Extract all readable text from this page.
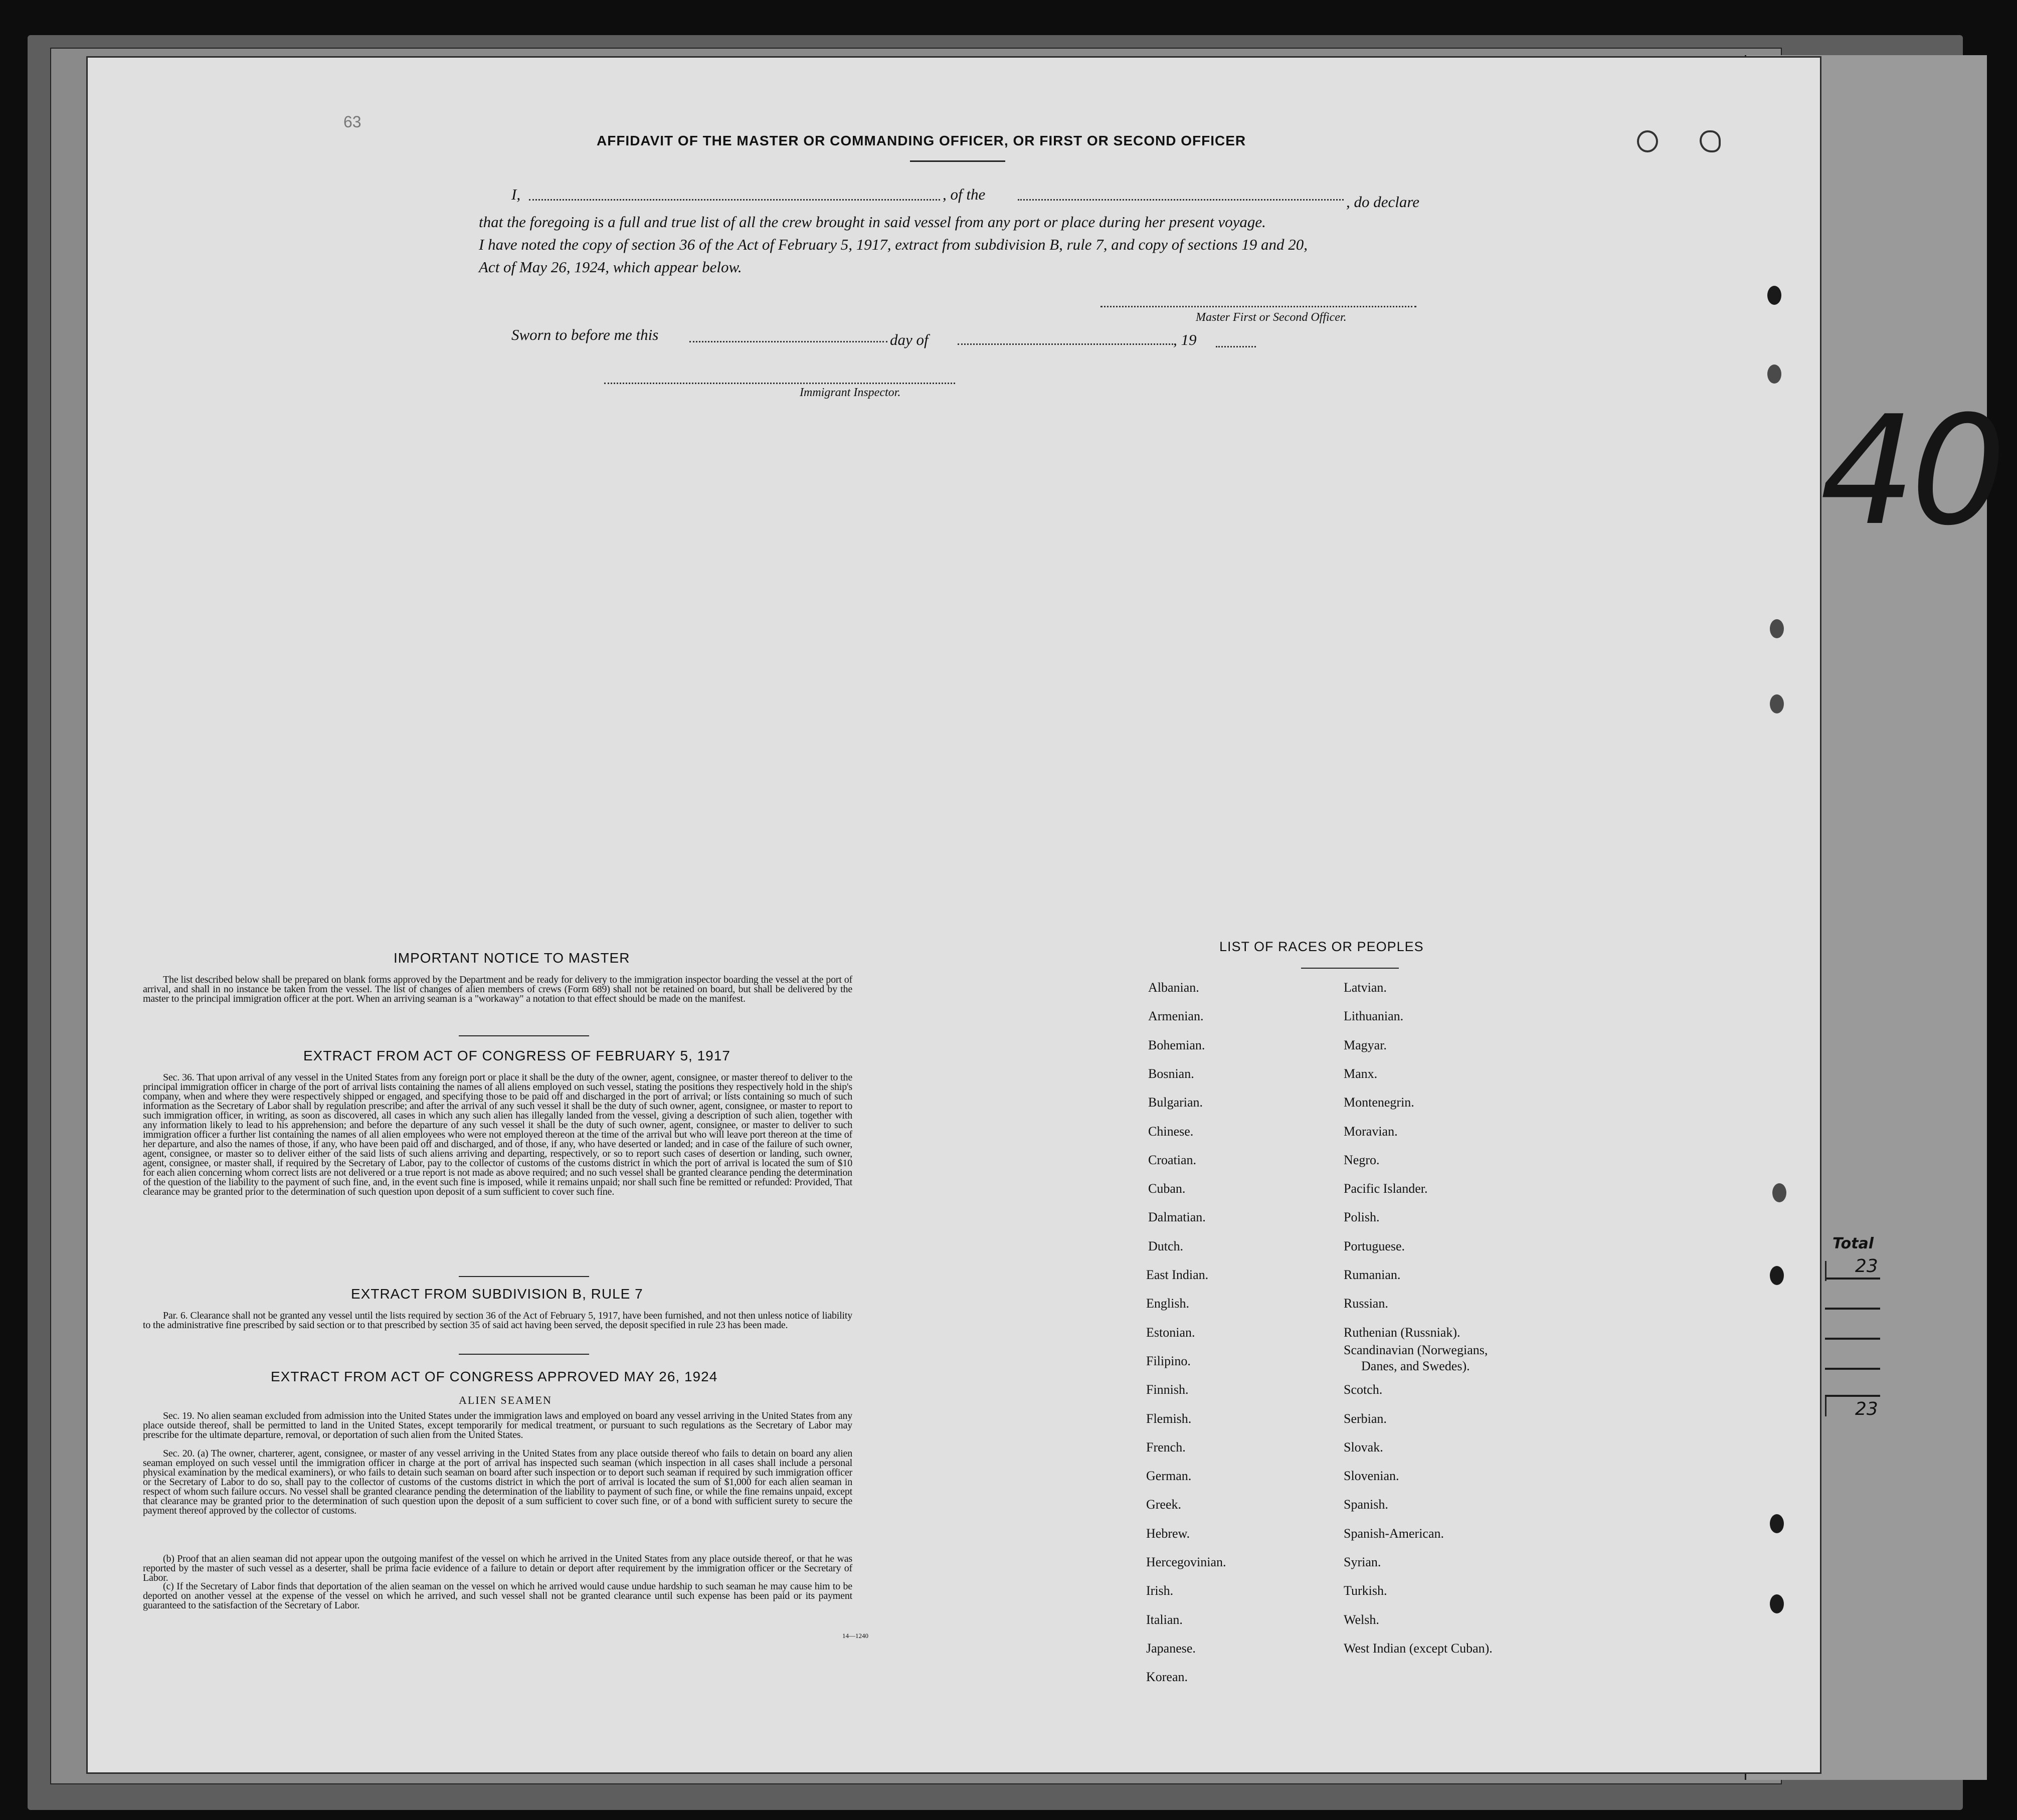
40
Total
23
23
63
AFFIDAVIT OF THE MASTER OR COMMANDING OFFICER, OR FIRST OR SECOND OFFICER
I,	, of the	, do declare
that the foregoing is a full and true list of all the crew brought in said vessel from any port or place during her present voyage.
I have noted the copy of section 36 of the Act of February 5, 1917, extract from subdivision B, rule 7, and copy of sections 19 and 20,
Act of May 26, 1924, which appear below.
Master First or Second Officer.
Sworn to before me this	day of	, 19
Immigrant Inspector.
IMPORTANT NOTICE TO MASTER
The list described below shall be prepared on blank forms approved by the Department and be ready for delivery to the immigration inspector boarding the vessel at the port of arrival, and shall in no instance be taken from the vessel. The list of changes of alien members of crews (Form 689) shall not be retained on board, but shall be delivered by the master to the principal immigration officer at the port. When an arriving seaman is a "workaway" a notation to that effect should be made on the manifest.
EXTRACT FROM ACT OF CONGRESS OF FEBRUARY 5, 1917
Sec. 36. That upon arrival of any vessel in the United States from any foreign port or place it shall be the duty of the owner, agent, consignee, or master thereof to deliver to the principal immigration officer in charge of the port of arrival lists containing the names of all aliens employed on such vessel, stating the positions they respectively hold in the ship's company, when and where they were respectively shipped or engaged, and specifying those to be paid off and discharged in the port of arrival; or lists containing so much of such information as the Secretary of Labor shall by regulation prescribe; and after the arrival of any such vessel it shall be the duty of such owner, agent, consignee, or master to report to such immigration officer, in writing, as soon as discovered, all cases in which any such alien has illegally landed from the vessel, giving a description of such alien, together with any information likely to lead to his apprehension; and before the departure of any such vessel it shall be the duty of such owner, agent, consignee, or master to deliver to such immigration officer a further list containing the names of all alien employees who were not employed thereon at the time of the arrival but who will leave port thereon at the time of her departure, and also the names of those, if any, who have been paid off and discharged, and of those, if any, who have deserted or landed; and in case of the failure of such owner, agent, consignee, or master so to deliver either of the said lists of such aliens arriving and departing, respectively, or so to report such cases of desertion or landing, such owner, agent, consignee, or master shall, if required by the Secretary of Labor, pay to the collector of customs of the customs district in which the port of arrival is located the sum of $10 for each alien concerning whom correct lists are not delivered or a true report is not made as above required; and no such vessel shall be granted clearance pending the determination of the question of the liability to the payment of such fine, and, in the event such fine is imposed, while it remains unpaid; nor shall such fine be remitted or refunded: Provided, That clearance may be granted prior to the determination of such question upon deposit of a sum sufficient to cover such fine.
EXTRACT FROM SUBDIVISION B, RULE 7
Par. 6. Clearance shall not be granted any vessel until the lists required by section 36 of the Act of February 5, 1917, have been furnished, and not then unless notice of liability to the administrative fine prescribed by said section or to that prescribed by section 35 of said act having been served, the deposit specified in rule 23 has been made.
EXTRACT FROM ACT OF CONGRESS APPROVED MAY 26, 1924
ALIEN SEAMEN
Sec. 19. No alien seaman excluded from admission into the United States under the immigration laws and employed on board any vessel arriving in the United States from any place outside thereof, shall be permitted to land in the United States, except temporarily for medical treatment, or pursuant to such regulations as the Secretary of Labor may prescribe for the ultimate departure, removal, or deportation of such alien from the United States.
Sec. 20. (a) The owner, charterer, agent, consignee, or master of any vessel arriving in the United States from any place outside thereof who fails to detain on board any alien seaman employed on such vessel until the immigration officer in charge at the port of arrival has inspected such seaman (which inspection in all cases shall include a personal physical examination by the medical examiners), or who fails to detain such seaman on board after such inspection or to deport such seaman if required by such immigration officer or the Secretary of Labor to do so, shall pay to the collector of customs of the customs district in which the port of arrival is located the sum of $1,000 for each alien seaman in respect of whom such failure occurs. No vessel shall be granted clearance pending the determination of the liability to payment of such fine, or while the fine remains unpaid, except that clearance may be granted prior to the determination of such question upon the deposit of a sum sufficient to cover such fine, or of a bond with sufficient surety to secure the payment thereof approved by the collector of customs.
(b) Proof that an alien seaman did not appear upon the outgoing manifest of the vessel on which he arrived in the United States from any place outside thereof, or that he was reported by the master of such vessel as a deserter, shall be prima facie evidence of a failure to detain or deport after requirement by the immigration officer or the Secretary of Labor.
(c) If the Secretary of Labor finds that deportation of the alien seaman on the vessel on which he arrived would cause undue hardship to such seaman he may cause him to be deported on another vessel at the expense of the vessel on which he arrived, and such vessel shall not be granted clearance until such expense has been paid or its payment guaranteed to the satisfaction of the Secretary of Labor.
14—1240
LIST OF RACES OR PEOPLES
Albanian.
Armenian.
Bohemian.
Bosnian.
Bulgarian.
Chinese.
Croatian.
Cuban.
Dalmatian.
Dutch.
East Indian.
English.
Estonian.
Filipino.
Finnish.
Flemish.
French.
German.
Greek.
Hebrew.
Hercegovinian.
Irish.
Italian.
Japanese.
Korean.
Latvian.
Lithuanian.
Magyar.
Manx.
Montenegrin.
Moravian.
Negro.
Pacific Islander.
Polish.
Portuguese.
Rumanian.
Russian.
Ruthenian (Russniak).
Scandinavian (Norwegians,
Danes, and Swedes).
Scotch.
Serbian.
Slovak.
Slovenian.
Spanish.
Spanish-American.
Syrian.
Turkish.
Welsh.
West Indian (except Cuban).
